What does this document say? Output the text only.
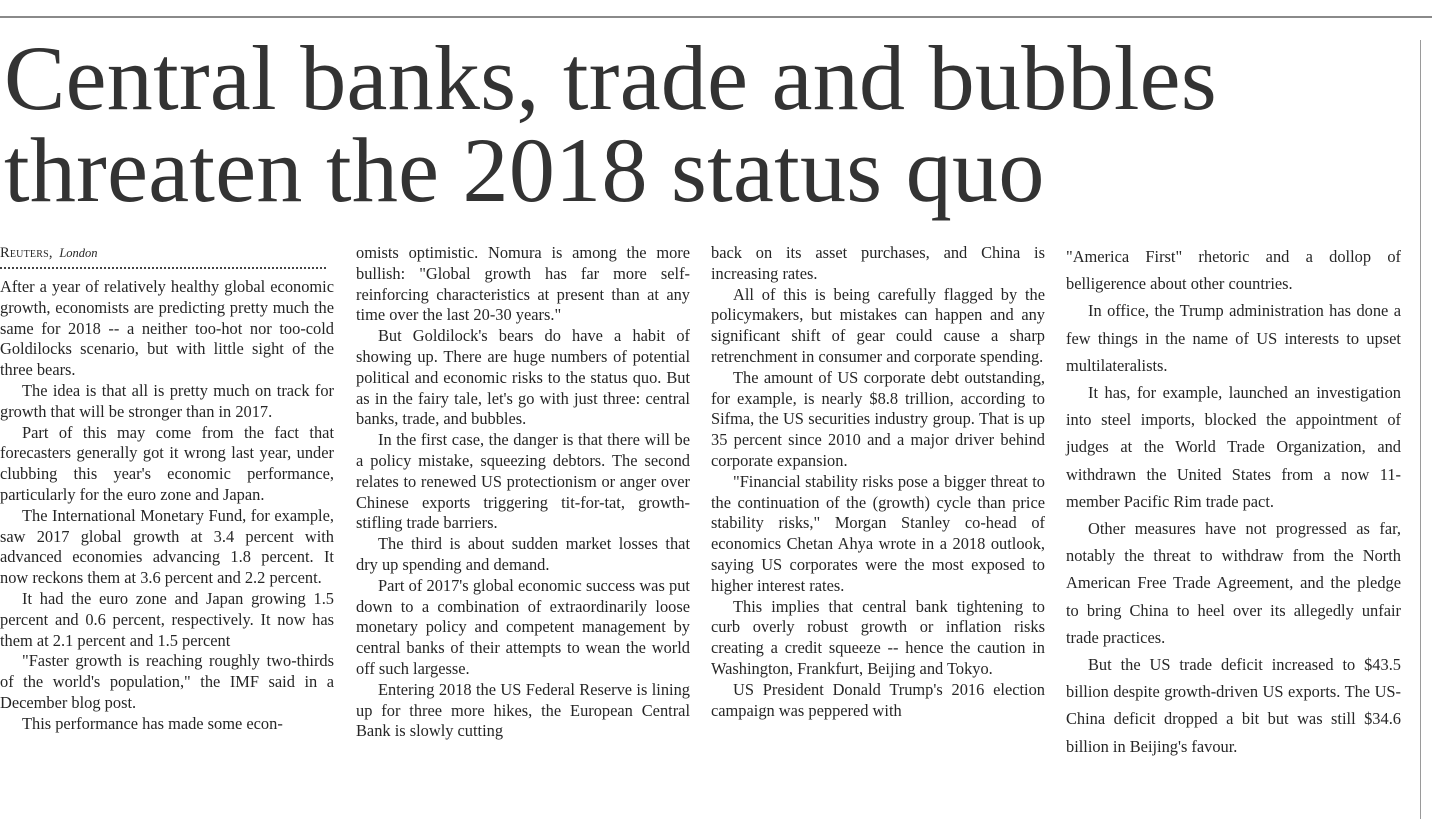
Central banks, trade and bubbles
threaten the 2018 status quo
Reuters, London

After a year of relatively healthy global economic growth, economists are predicting pretty much the same for 2018 -- a neither too-hot nor too-cold Goldilocks scenario, but with little sight of the three bears.

The idea is that all is pretty much on track for growth that will be stronger than in 2017.

Part of this may come from the fact that forecasters generally got it wrong last year, under clubbing this year's economic performance, particularly for the euro zone and Japan.

The International Monetary Fund, for example, saw 2017 global growth at 3.4 percent with advanced economies advancing 1.8 percent. It now reckons them at 3.6 percent and 2.2 percent.

It had the euro zone and Japan growing 1.5 percent and 0.6 percent, respectively. It now has them at 2.1 percent and 1.5 percent

"Faster growth is reaching roughly two-thirds of the world's population," the IMF said in a December blog post.

This performance has made some econ-

omists optimistic. Nomura is among the more bullish: "Global growth has far more self-reinforcing characteristics at present than at any time over the last 20-30 years."

But Goldilock's bears do have a habit of showing up. There are huge numbers of potential political and economic risks to the status quo. But as in the fairy tale, let's go with just three: central banks, trade, and bubbles.

In the first case, the danger is that there will be a policy mistake, squeezing debtors. The second relates to renewed US protectionism or anger over Chinese exports triggering tit-for-tat, growth-stifling trade barriers.

The third is about sudden market losses that dry up spending and demand.

Part of 2017's global economic success was put down to a combination of extraordinarily loose monetary policy and competent management by central banks of their attempts to wean the world off such largesse.

Entering 2018 the US Federal Reserve is lining up for three more hikes, the European Central Bank is slowly cutting

back on its asset purchases, and China is increasing rates.

All of this is being carefully flagged by the policymakers, but mistakes can happen and any significant shift of gear could cause a sharp retrenchment in consumer and corporate spending.

The amount of US corporate debt outstanding, for example, is nearly $8.8 trillion, according to Sifma, the US securities industry group. That is up 35 percent since 2010 and a major driver behind corporate expansion.

"Financial stability risks pose a bigger threat to the continuation of the (growth) cycle than price stability risks," Morgan Stanley co-head of economics Chetan Ahya wrote in a 2018 outlook, saying US corporates were the most exposed to higher interest rates.

This implies that central bank tightening to curb overly robust growth or inflation risks creating a credit squeeze -- hence the caution in Washington, Frankfurt, Beijing and Tokyo.

US President Donald Trump's 2016 election campaign was peppered with

"America First" rhetoric and a dollop of belligerence about other countries.

In office, the Trump administration has done a few things in the name of US interests to upset multilateralists.

It has, for example, launched an investigation into steel imports, blocked the appointment of judges at the World Trade Organization, and withdrawn the United States from a now 11- member Pacific Rim trade pact.

Other measures have not progressed as far, notably the threat to withdraw from the North American Free Trade Agreement, and the pledge to bring China to heel over its allegedly unfair trade practices.

But the US trade deficit increased to $43.5 billion despite growth-driven US exports. The US-China deficit dropped a bit but was still $34.6 billion in Beijing's favour.
